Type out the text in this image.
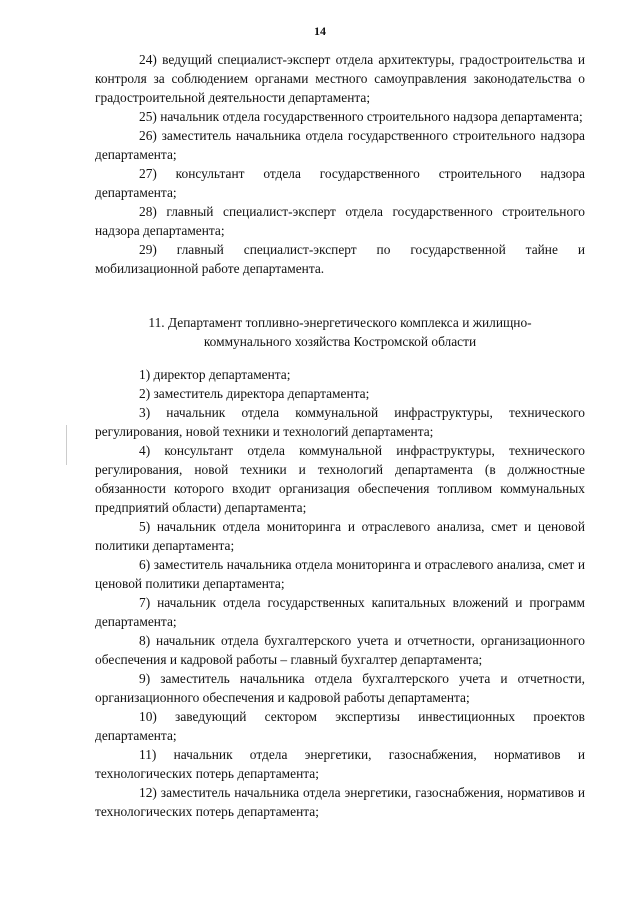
14

24) ведущий специалист-эксперт отдела архитектуры, градостроительства и контроля за соблюдением органами местного самоуправления законодательства о градостроительной деятельности департамента;

25) начальник отдела государственного строительного надзора департамента;

26) заместитель начальника отдела государственного строительного надзора департамента;

27) консультант отдела государственного строительного надзора департамента;

28) главный специалист-эксперт отдела государственного строительного надзора департамента;

29) главный специалист-эксперт по государственной тайне и мобилизационной работе департамента.

11. Департамент топливно-энергетического комплекса и жилищно-
коммунального хозяйства Костромской области

1) директор департамента;

2) заместитель директора департамента;

3) начальник отдела коммунальной инфраструктуры, технического регулирования, новой техники и технологий департамента;

4) консультант отдела коммунальной инфраструктуры, технического регулирования, новой техники и технологий департамента (в должностные обязанности которого входит организация обеспечения топливом коммунальных предприятий области) департамента;

5) начальник отдела мониторинга и отраслевого анализа, смет и ценовой политики департамента;

6) заместитель начальника отдела мониторинга и отраслевого анализа, смет и ценовой политики департамента;

7) начальник отдела государственных капитальных вложений и программ департамента;

8) начальник отдела бухгалтерского учета и отчетности, организационного обеспечения и кадровой работы – главный бухгалтер департамента;

9) заместитель начальника отдела бухгалтерского учета и отчетности, организационного обеспечения и кадровой работы департамента;

10) заведующий сектором экспертизы инвестиционных проектов департамента;

11) начальник отдела энергетики, газоснабжения, нормативов и технологических потерь департамента;

12) заместитель начальника отдела энергетики, газоснабжения, нормативов и технологических потерь департамента;
